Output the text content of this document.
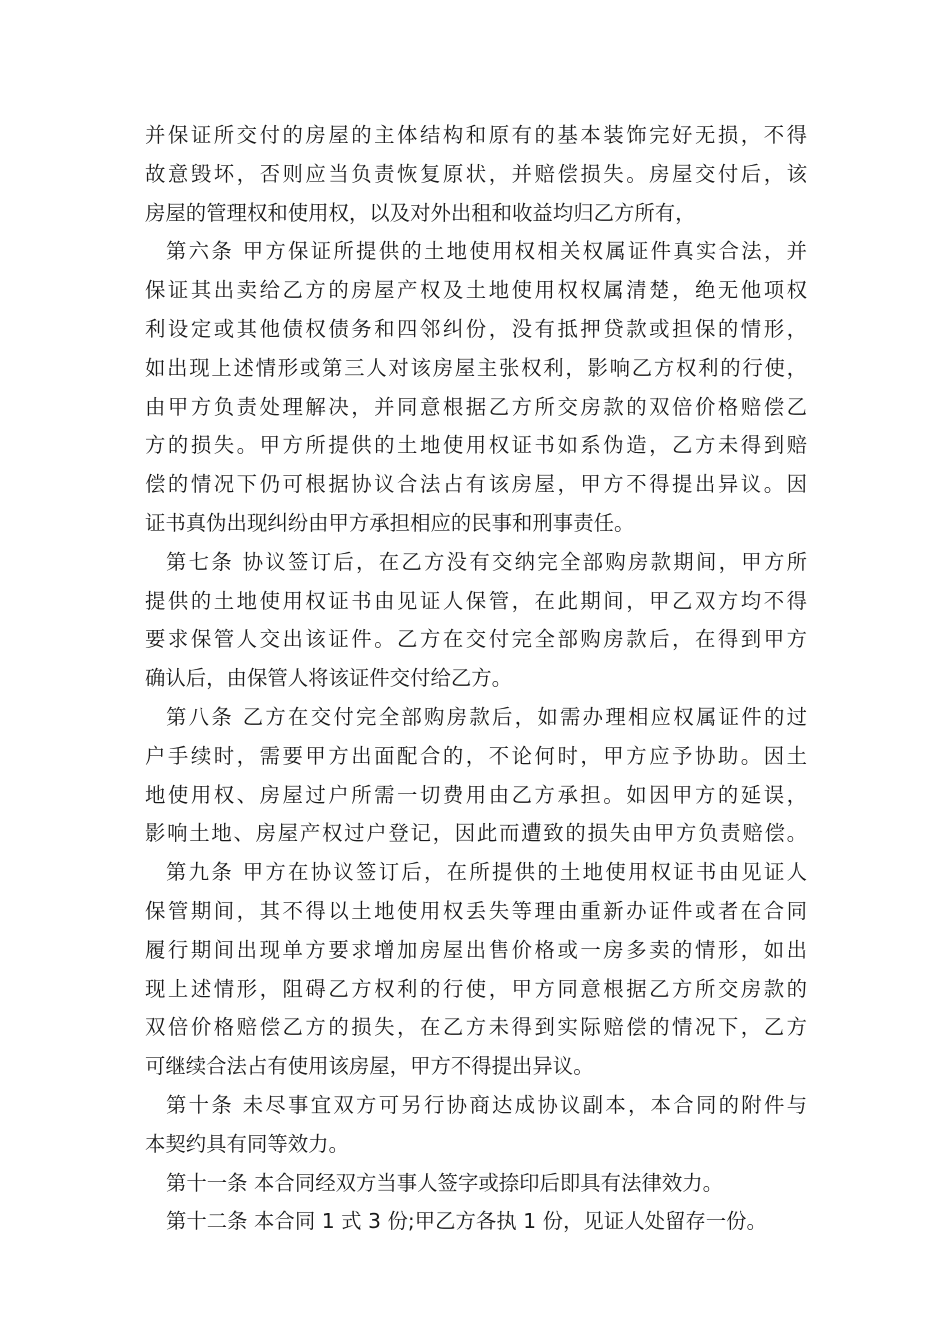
并保证所交付的房屋的主体结构和原有的基本装饰完好无损，不得
故意毁坏，否则应当负责恢复原状，并赔偿损失。房屋交付后，该
房屋的管理权和使用权，以及对外出租和收益均归乙方所有，
第六条 甲方保证所提供的土地使用权相关权属证件真实合法，并
保证其出卖给乙方的房屋产权及土地使用权权属清楚，绝无他项权
利设定或其他债权债务和四邻纠份，没有抵押贷款或担保的情形，
如出现上述情形或第三人对该房屋主张权利，影响乙方权利的行使，
由甲方负责处理解决，并同意根据乙方所交房款的双倍价格赔偿乙
方的损失。甲方所提供的土地使用权证书如系伪造，乙方未得到赔
偿的情况下仍可根据协议合法占有该房屋，甲方不得提出异议。因
证书真伪出现纠纷由甲方承担相应的民事和刑事责任。
第七条 协议签订后，在乙方没有交纳完全部购房款期间，甲方所
提供的土地使用权证书由见证人保管，在此期间，甲乙双方均不得
要求保管人交出该证件。乙方在交付完全部购房款后，在得到甲方
确认后，由保管人将该证件交付给乙方。
第八条 乙方在交付完全部购房款后，如需办理相应权属证件的过
户手续时，需要甲方出面配合的，不论何时，甲方应予协助。因土
地使用权、房屋过户所需一切费用由乙方承担。如因甲方的延误，
影响土地、房屋产权过户登记，因此而遭致的损失由甲方负责赔偿。
第九条 甲方在协议签订后，在所提供的土地使用权证书由见证人
保管期间，其不得以土地使用权丢失等理由重新办证件或者在合同
履行期间出现单方要求增加房屋出售价格或一房多卖的情形，如出
现上述情形，阻碍乙方权利的行使，甲方同意根据乙方所交房款的
双倍价格赔偿乙方的损失，在乙方未得到实际赔偿的情况下，乙方
可继续合法占有使用该房屋，甲方不得提出异议。
第十条 未尽事宜双方可另行协商达成协议副本，本合同的附件与
本契约具有同等效力。
第十一条 本合同经双方当事人签字或捺印后即具有法律效力。
第十二条 本合同 1 式 3 份;甲乙方各执 1 份，见证人处留存一份。
